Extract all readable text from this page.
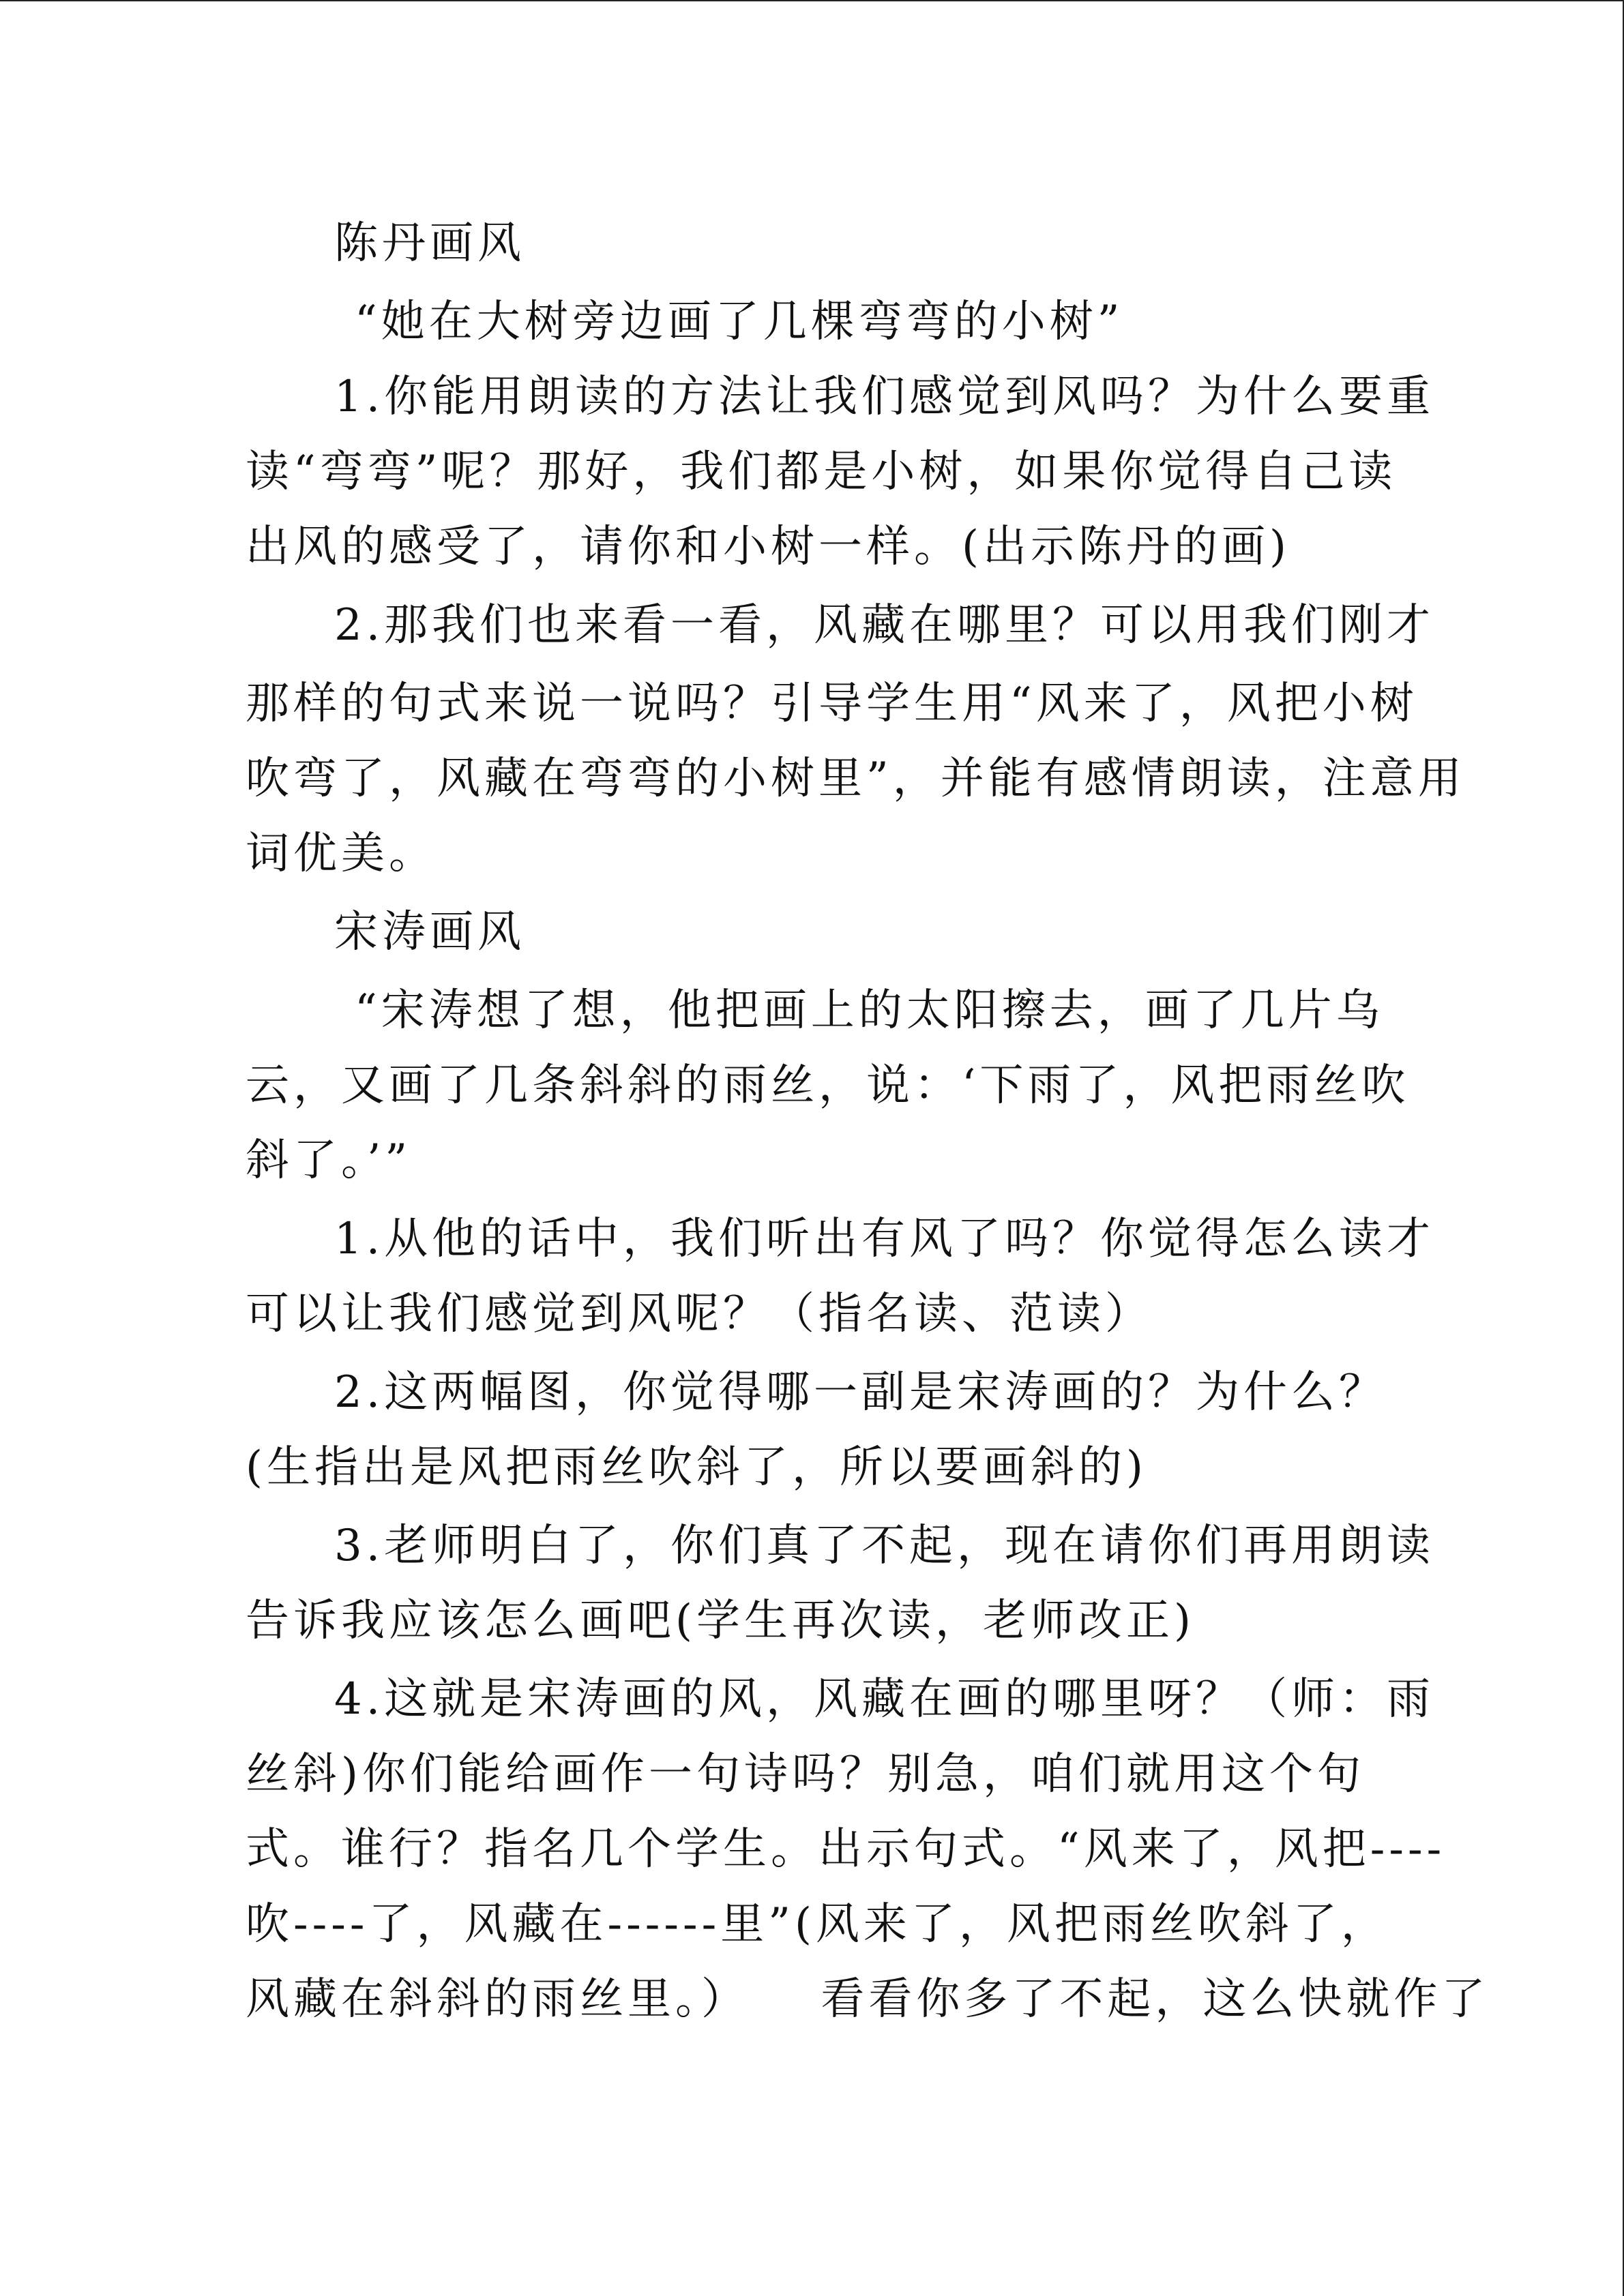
陈丹画风
“她在大树旁边画了几棵弯弯的小树”
1.你能用朗读的方法让我们感觉到风吗？为什么要重
读“弯弯”呢？那好，我们都是小树，如果你觉得自己读
出风的感受了，请你和小树一样。(出示陈丹的画)
2.那我们也来看一看，风藏在哪里？可以用我们刚才
那样的句式来说一说吗？引导学生用“风来了，风把小树
吹弯了，风藏在弯弯的小树里”，并能有感情朗读，注意用
词优美。
宋涛画风
“宋涛想了想，他把画上的太阳擦去，画了几片乌
云，又画了几条斜斜的雨丝，说：‘下雨了，风把雨丝吹
斜了。’”
1.从他的话中，我们听出有风了吗？你觉得怎么读才
可以让我们感觉到风呢？（指名读、范读）
2.这两幅图，你觉得哪一副是宋涛画的？为什么？
(生指出是风把雨丝吹斜了，所以要画斜的)
3.老师明白了，你们真了不起，现在请你们再用朗读
告诉我应该怎么画吧(学生再次读，老师改正)
4.这就是宋涛画的风，风藏在画的哪里呀？（师：雨
丝斜)你们能给画作一句诗吗？别急，咱们就用这个句
式。谁行？指名几个学生。出示句式。“风来了，风把----
吹----了，风藏在------里”(风来了，风把雨丝吹斜了，
风藏在斜斜的雨丝里。）    看看你多了不起，这么快就作了
